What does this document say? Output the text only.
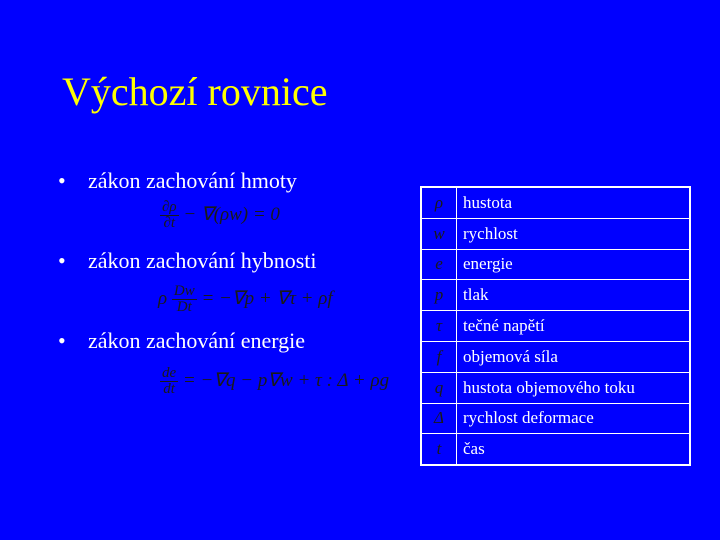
Výchozí rovnice
•	zákon zachování hmoty
$\frac{\partial\rho}{\partial t} - \nabla(\rho w) = 0$
•	zákon zachování hybnosti
ρ $\frac{Dw}{Dt} = -\nabla p + \nabla\tau + \rho f$
•	zákon zachování energie
$\frac{de}{dt} = -\nabla q - p\nabla w + \tau$ : Δ + ρg
ρ	hustota
w	rychlost
e	energie
p	tlak
τ	tečné napětí
f	objemová síla
q	hustota objemového toku
Δ	rychlost deformace
t	čas
